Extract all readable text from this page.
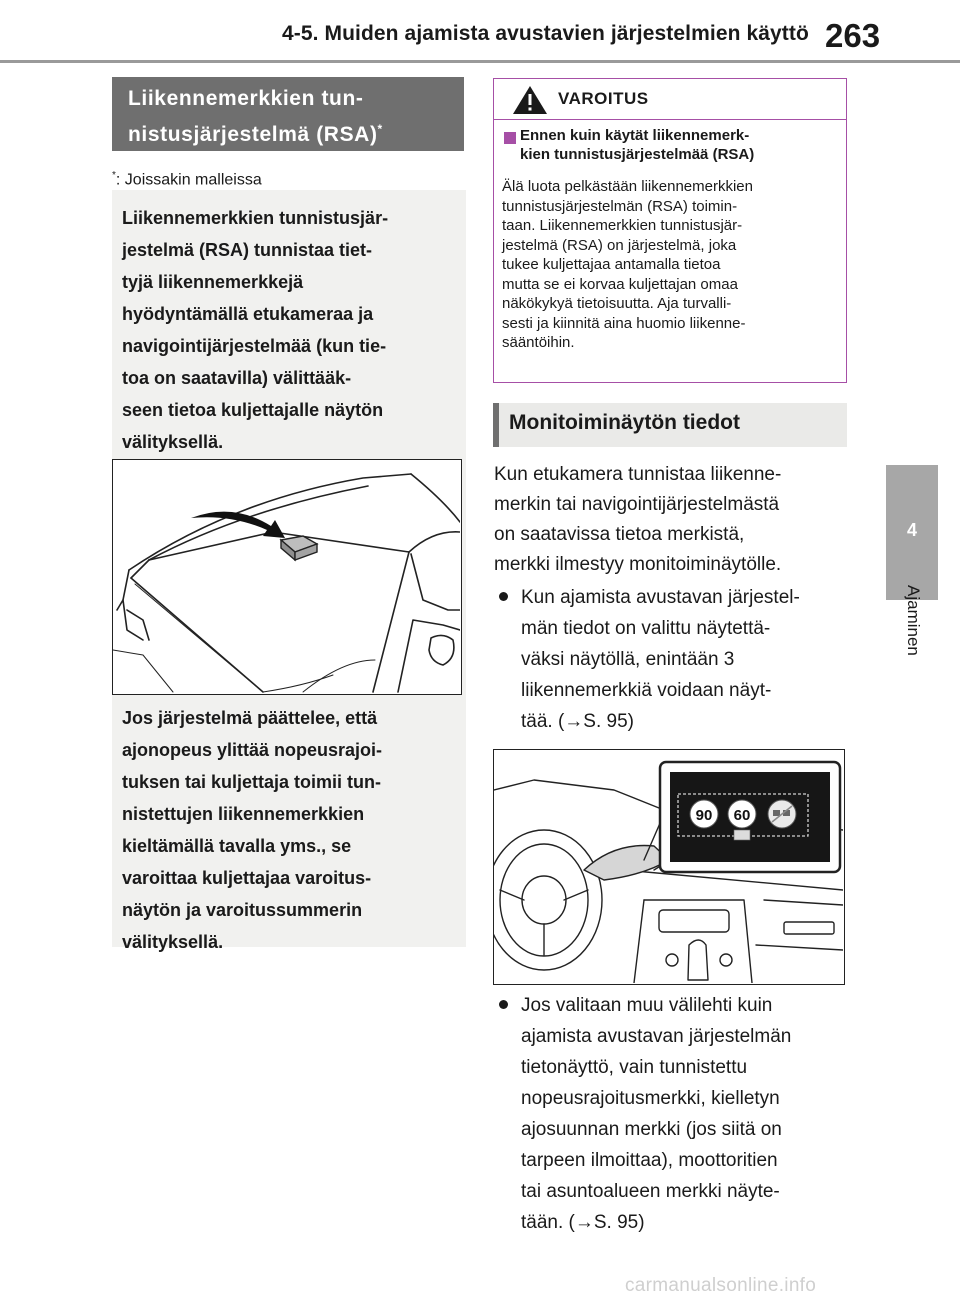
4-5. Muiden ajamista avustavien järjestelmien käyttö 263
4
Ajaminen
Liikennemerkkien tun-
nistusjärjestelmä (RSA)*
*: Joissakin malleissa
Liikennemerkkien tunnistusjär-
jestelmä (RSA) tunnistaa tiet-
tyjä liikennemerkkejä
hyödyntämällä etukameraa ja
navigointijärjestelmää (kun tie-
toa on saatavilla) välittääk-
seen tietoa kuljettajalle näytön
välityksellä.
Jos järjestelmä päättelee, että
ajonopeus ylittää nopeusrajoi-
tuksen tai kuljettaja toimii tun-
nistettujen liikennemerkkien
kieltämällä tavalla yms., se
varoittaa kuljettajaa varoitus-
näytön ja varoitussummerin
välityksellä.
VAROITUS
Ennen kuin käytät liikennemerk-
kien tunnistusjärjestelmää (RSA)
Älä luota pelkästään liikennemerkkien
tunnistusjärjestelmän (RSA) toimin-
taan. Liikennemerkkien tunnistusjär-
jestelmä (RSA) on järjestelmä, joka
tukee kuljettajaa antamalla tietoa
mutta se ei korvaa kuljettajan omaa
näkökykyä tietoisuutta. Aja turvalli-
sesti ja kiinnitä aina huomio liikenne-
sääntöihin.
Monitoiminäytön tiedot
Kun etukamera tunnistaa liikenne-
merkin tai navigointijärjestelmästä
on saatavissa tietoa merkistä,
merkki ilmestyy monitoiminäytölle.
Kun ajamista avustavan järjestel-
män tiedot on valittu näytettä-
väksi näytöllä, enintään 3
liikennemerkkiä voidaan näyt-
tää. (→S. 95)
90 60
Jos valitaan muu välilehti kuin
ajamista avustavan järjestelmän
tietonäyttö, vain tunnistettu
nopeusrajoitusmerkki, kielletyn
ajosuunnan merkki (jos siitä on
tarpeen ilmoittaa), moottoritien
tai asuntoalueen merkki näyte-
tään. (→S. 95)
carmanualsonline.info
